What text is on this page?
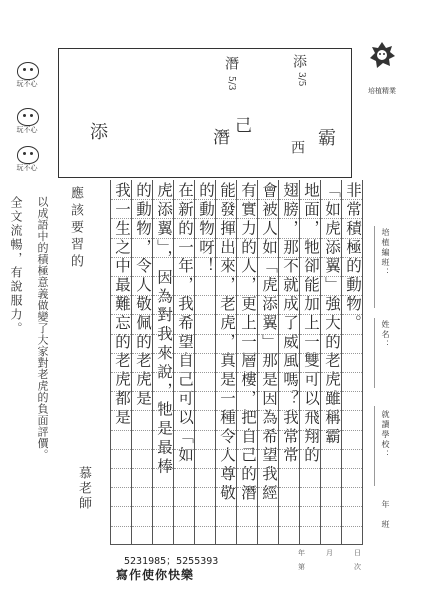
玩不心
玩不心
玩不心
潛
5/3
添
3/5
添	潛
己
西
霸
培植精業
培植編班：
姓名：
就讀學校：
年　班
非常積極的動物。
「如虎添翼」強大的老虎雖稱霸
地面，牠卻能加上一雙可以飛翔的
翅膀，那不就成了威風嗎？我常常
會被人如「虎添翼」那是因為希望我經
有實力的人，更上一層樓，把自己的潛
能發揮出來，老虎，真是一種令人尊敬
的動物呀！
在新的一年，我希望自己可以「如
虎添翼」，因為對我來說，牠是最棒
的動物，令人敬佩的老虎是
我一生之中最難忘的老虎都是
全文流暢，有說服力。 以成語中的積極意義做變了大家對老虎的負面評價。 應該要習的
慕老師
5231985；5255393
寫作使你快樂
年	月	日
第	次
